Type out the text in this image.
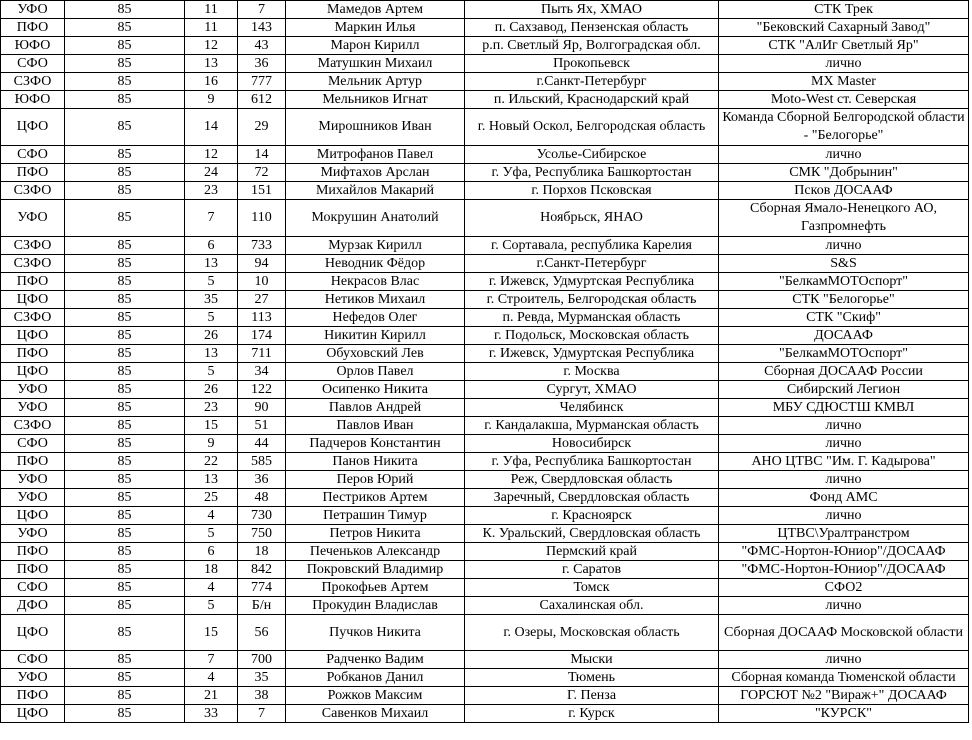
УФО	85	11	7	Мамедов Артем	Пыть Ях, ХМАО	СТК Трек
ПФО	85	11	143	Маркин Илья	п. Сахзавод, Пензенская область	"Бековский Сахарный Завод"
ЮФО	85	12	43	Марон Кирилл	р.п. Светлый Яр, Волгоградская обл.	СТК "АлИг Светлый Яр"
СФО	85	13	36	Матушкин Михаил	Прокопьевск	лично
СЗФО	85	16	777	Мельник Артур	г.Санкт-Петербург	MX Master
ЮФО	85	9	612	Мельников Игнат	п. Ильский, Краснодарский край	Moto-West ст. Северская
ЦФО	85	14	29	Мирошников Иван	г. Новый Оскол, Белгородская область	Команда Сборной Белгородской области - "Белогорье"
СФО	85	12	14	Митрофанов Павел	Усолье-Сибирское	лично
ПФО	85	24	72	Мифтахов Арслан	г. Уфа, Республика Башкортостан	СМК "Добрынин"
СЗФО	85	23	151	Михайлов Макарий	г. Порхов Псковская	Псков ДОСААФ
УФО	85	7	110	Мокрушин Анатолий	Ноябрьск, ЯНАО	Сборная Ямало-Ненецкого АО, Газпромнефть
СЗФО	85	6	733	Мурзак Кирилл	г. Сортавала, республика Карелия	лично
СЗФО	85	13	94	Неводник Фёдор	г.Санкт-Петербург	S&S
ПФО	85	5	10	Некрасов Влас	г. Ижевск, Удмуртская Республика	"БелкамМОТОспорт"
ЦФО	85	35	27	Нетиков Михаил	г. Строитель, Белгородская область	СТК "Белогорье"
СЗФО	85	5	113	Нефедов Олег	п. Ревда, Мурманская область	СТК "Скиф"
ЦФО	85	26	174	Никитин Кирилл	г. Подольск, Московская область	ДОСААФ
ПФО	85	13	711	Обуховский Лев	г. Ижевск, Удмуртская Республика	"БелкамМОТОспорт"
ЦФО	85	5	34	Орлов Павел	г. Москва	Сборная ДОСААФ России
УФО	85	26	122	Осипенко Никита	Сургут, ХМАО	Сибирский Легион
УФО	85	23	90	Павлов Андрей	Челябинск	МБУ СДЮСТШ КМВЛ
СЗФО	85	15	51	Павлов Иван	г. Кандалакша, Мурманская область	лично
СФО	85	9	44	Падчеров Константин	Новосибирск	лично
ПФО	85	22	585	Панов Никита	г. Уфа, Республика Башкортостан	АНО ЦТВС "Им. Г. Кадырова"
УФО	85	13	36	Перов Юрий	Реж, Свердловская область	лично
УФО	85	25	48	Пестриков Артем	Заречный, Свердловская область	Фонд АМС
ЦФО	85	4	730	Петрашин Тимур	г. Красноярск	лично
УФО	85	5	750	Петров Никита	К. Уральский, Свердловская область	ЦТВС\Уралтранстром
ПФО	85	6	18	Печеньков Александр	Пермский край	"ФМС-Нортон-Юниор"/ДОСААФ
ПФО	85	18	842	Покровский Владимир	г. Саратов	"ФМС-Нортон-Юниор"/ДОСААФ
СФО	85	4	774	Прокофьев Артем	Томск	СФО2
ДФО	85	5	Б/н	Прокудин Владислав	Сахалинская обл.	лично
ЦФО	85	15	56	Пучков Никита	г. Озеры, Московская область	Сборная ДОСААФ Московской области
СФО	85	7	700	Радченко Вадим	Мыски	лично
УФО	85	4	35	Робканов Данил	Тюмень	Сборная команда Тюменской области
ПФО	85	21	38	Рожков Максим	Г. Пенза	ГОРСЮТ №2 "Вираж+" ДОСААФ
ЦФО	85	33	7	Савенков Михаил	г. Курск	"КУРСК"
